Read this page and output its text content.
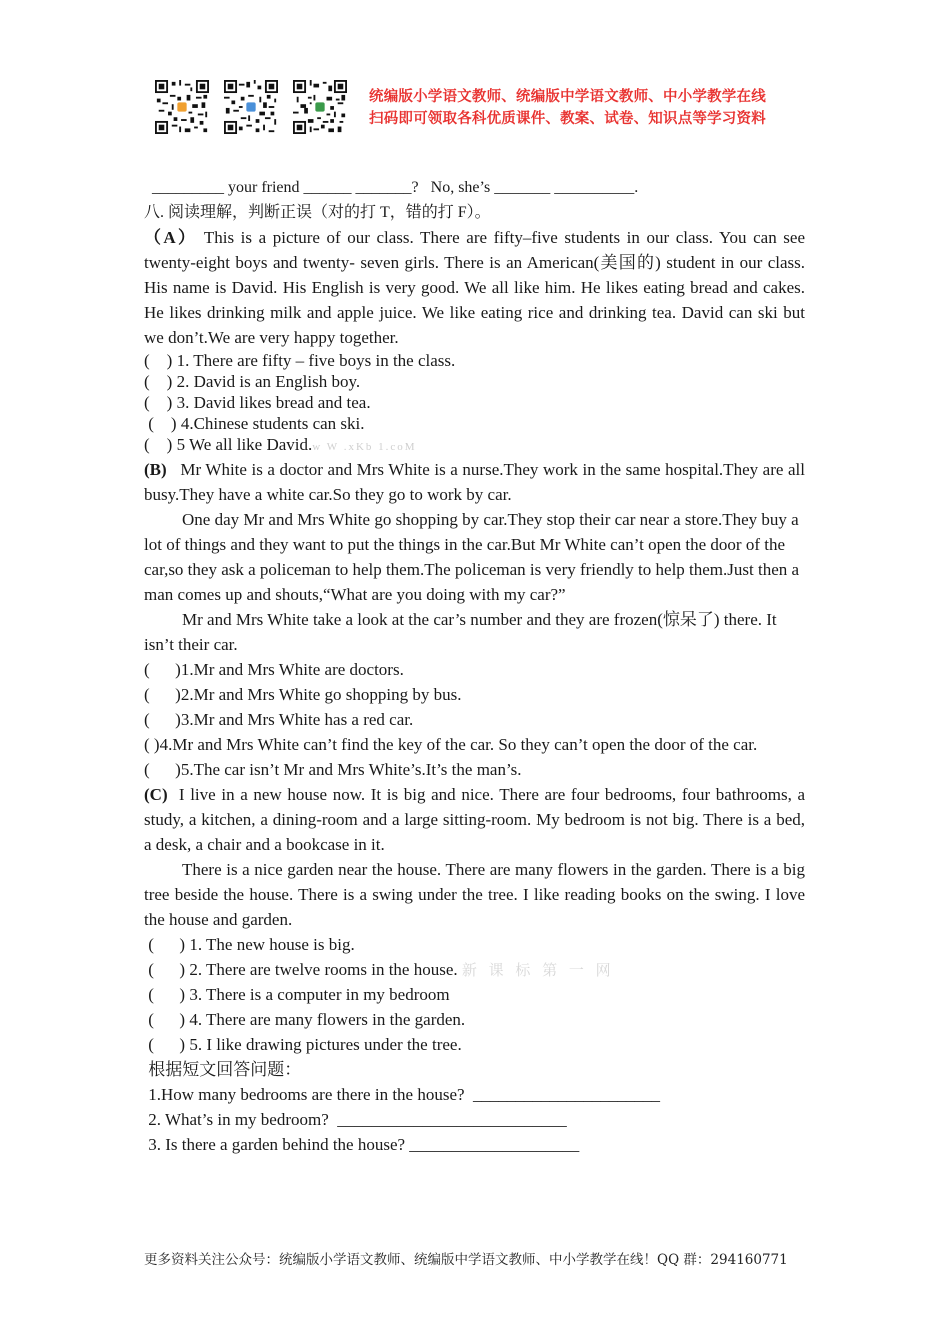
统编版小学语文教师、统编版中学语文教师、中小学教学在线
扫码即可领取各科优质课件、教案、试卷、知识点等学习资料
_________ your friend ______ _______?   No, she’s _______ __________.
八. 阅读理解，判断正误（对的打 T，错的打 F）。
（A） This is a picture of our class. There are fifty–five students in our class. You can see twenty-eight boys and twenty- seven girls. There is an American(美国的) student in our class. His name is David. His English is very good. We all like him. He likes eating bread and cakes. He likes drinking milk and apple juice. We like eating rice and drinking tea. David can ski but we don’t.We are very happy together.
(    ) 1. There are fifty – five boys in the class.
(    ) 2. David is an English boy.
(    ) 3. David likes bread and tea.
(    ) 4.Chinese students can ski.
(    ) 5 We all like David.w W .xKb 1.coM
(B) Mr White is a doctor and Mrs White is a nurse.They work in the same hospital.They are all busy.They have a white car.So they go to work by car.
One day Mr and Mrs White go shopping by car.They stop their car near a store.They buy a lot of things and they want to put the things in the car.But Mr White can’t open the door of the car,so they ask a policeman to help them.The policeman is very friendly to help them.Just then a man comes up and shouts,“What are you doing with my car?”
Mr and Mrs White take a look at the car’s number and they are frozen(惊呆了) there. It isn’t their car.
(      )1.Mr and Mrs White are doctors.
(      )2.Mr and Mrs White go shopping by bus.
(      )3.Mr and Mrs White has a red car.
( )4.Mr and Mrs White can’t find the key of the car. So they can’t open the door of the car.
(      )5.The car isn’t Mr and Mrs White’s.It’s the man’s.
(C) I live in a new house now. It is big and nice. There are four bedrooms, four bathrooms, a study, a kitchen, a dining-room and a large sitting-room. My bedroom is not big. There is a bed, a desk, a chair and a bookcase in it.
There is a nice garden near the house. There are many flowers in the garden. There is a big tree beside the house. There is a swing under the tree. I like reading books on the swing. I love the house and garden.
(      ) 1. The new house is big.
(      ) 2. There are twelve rooms in the house. 新 课 标 第 一 网
(      ) 3. There is a computer in my bedroom
(      ) 4. There are many flowers in the garden.
(      ) 5. I like drawing pictures under the tree.
根据短文回答问题：
1.How many bedrooms are there in the house?  ______________________
2. What’s in my bedroom?  ___________________________
3. Is there a garden behind the house? ____________________
更多资料关注公众号：统编版小学语文教师、统编版中学语文教师、中小学教学在线！QQ 群：294160771
